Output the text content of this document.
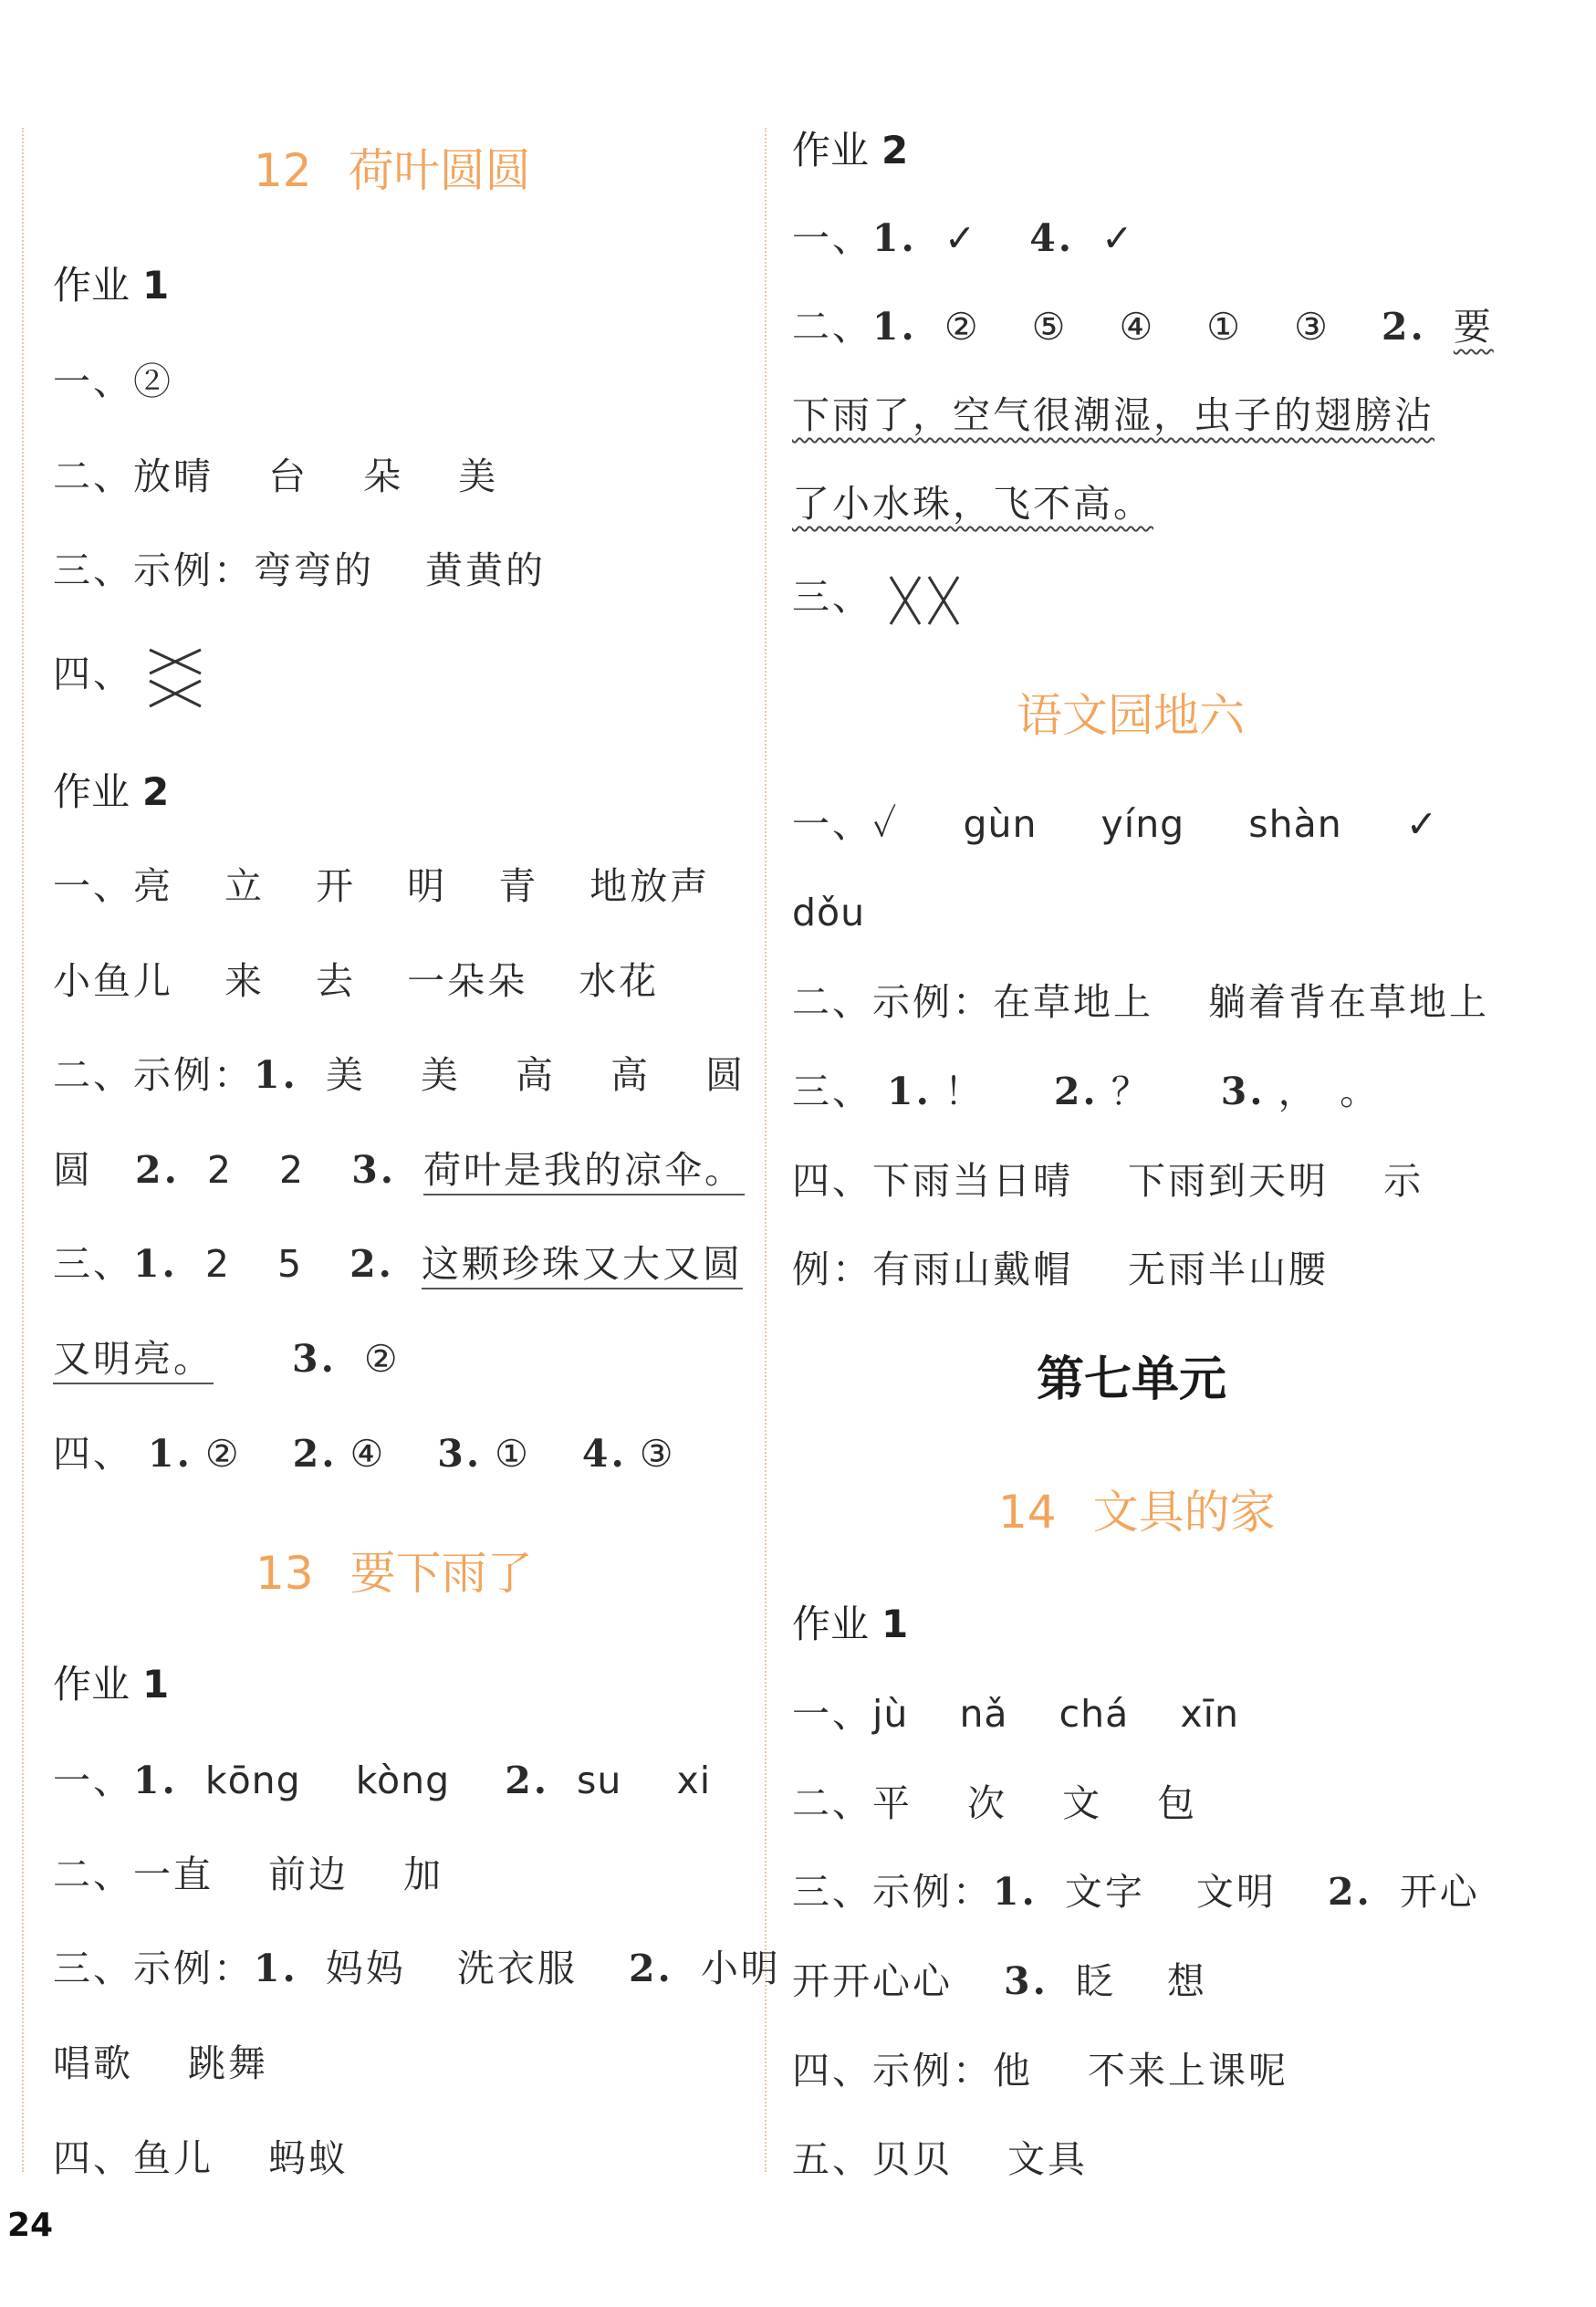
12 荷叶圆圆
作业 1
一、②
二、放晴 台 朵 美
三、示例：弯弯的 黄黄的
四、
作业 2
一、亮 立 开 明 青 地放声
小鱼儿 来 去 一朵朵 水花
二、示例：1. 美 美 高 高 圆
圆 2. 2 2 3. 荷叶是我的凉伞。
三、1. 2 5 2. 这颗珍珠又大又圆
又明亮。 3. ②
四、 1. ② 2. ④ 3. ① 4. ③
13 要下雨了
作业 1
一、1. kōng kòng 2. su xi
二、一直 前边 加
三、示例：1. 妈妈 洗衣服 2. 小明
唱歌 跳舞
四、鱼儿 蚂蚁
作业 2
一、1. ✓ 4. ✓
二、1. ② ⑤ ④ ① ③ 2. 要
下雨了，空气很潮湿，虫子的翅膀沾
了小水珠，飞不高。
三、
语文园地六
一、✓ gùn yíng shàn ✓
dǒu
二、示例：在草地上 躺着背在草地上
三、 1. ！ 2. ？ 3. ，　。
四、下雨当日晴 下雨到天明 示
例：有雨山戴帽 无雨半山腰
第七单元
14 文具的家
作业 1
一、jù nǎ chá xīn
二、平 次 文 包
三、示例：1. 文字 文明 2. 开心
开开心心 3. 眨 想
四、示例：他 不来上课呢
五、贝贝 文具
24
